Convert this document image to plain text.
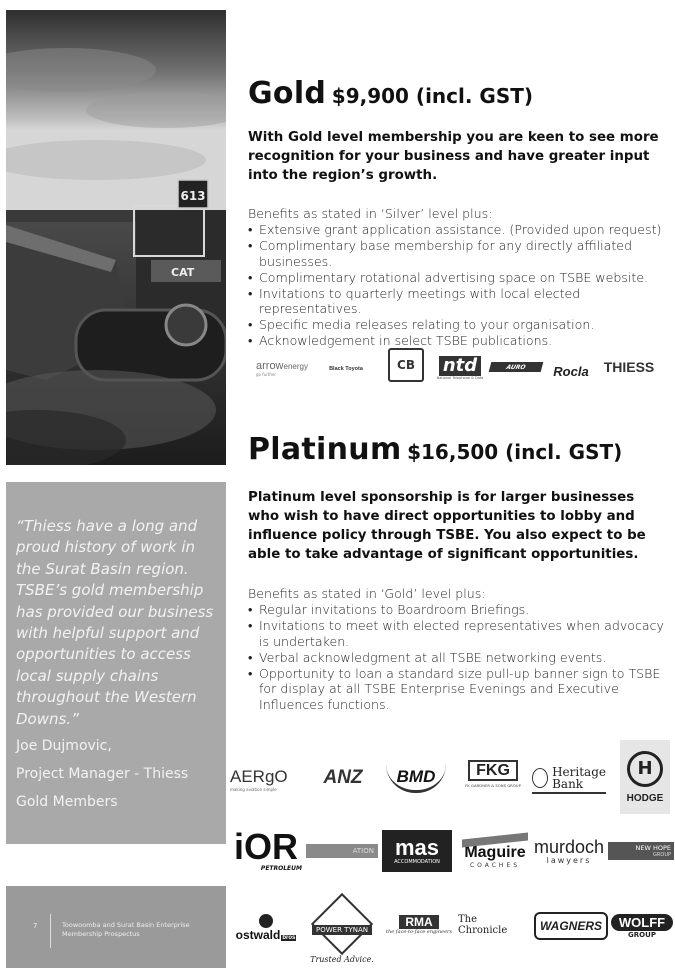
613
CAT
“Thiess have a long and proud history of work in the Surat Basin region. TSBE’s gold membership has provided our business with helpful support and opportunities to access local supply chains throughout the Western Downs.”
Joe Dujmovic,
Project Manager - Thiess
Gold Members
7	Toowoomba and Surat Basin Enterprise Membership Prospectus
Gold $9,900 (incl. GST)
With Gold level membership you are keen to see more recognition for your business and have greater input into the region’s growth.
Benefits as stated in ‘Silver’ level plus:
• Extensive grant application assistance. (Provided upon request)
• Complimentary base membership for any directly affiliated businesses.
• Complimentary rotational advertising space on TSBE website.
• Invitations to quarterly meetings with local elected representatives.
• Specific media releases relating to your organisation.
• Acknowledgement in select TSBE publications.
arrowenergy
go further
Black Toyota	CB	ntd
National Telephone & Data
AURO	Rocla	THIESS
Platinum $16,500 (incl. GST)
Platinum level sponsorship is for larger businesses who wish to have direct opportunities to lobby and influence policy through TSBE. You also expect to be able to take advantage of significant opportunities.
Benefits as stated in ‘Gold’ level plus:
• Regular invitations to Boardroom Briefings.
• Invitations to meet with elected representatives when advocacy is undertaken.
• Verbal acknowledgment at all TSBE networking events.
• Opportunity to loan a standard size pull-up banner sign to TSBE for display at all TSBE Enterprise Evenings and Executive Influences functions.
AERgO
making aviation simple
ANZ	BMD	FKG
FK GARDNER & SONS GROUP
Heritage
Bank
H
HODGE
iOR
PETROLEUM
ATION mas
ACCOMMODATION
Maguire
COACHES
murdoch
lawyers
NEW HOPE
GROUP
ostwald bros
POWER TYNAN
Trusted Advice.
RMA
the face-to-face engineers
The Chronicle	WAGNERS	WOLFF
GROUP
